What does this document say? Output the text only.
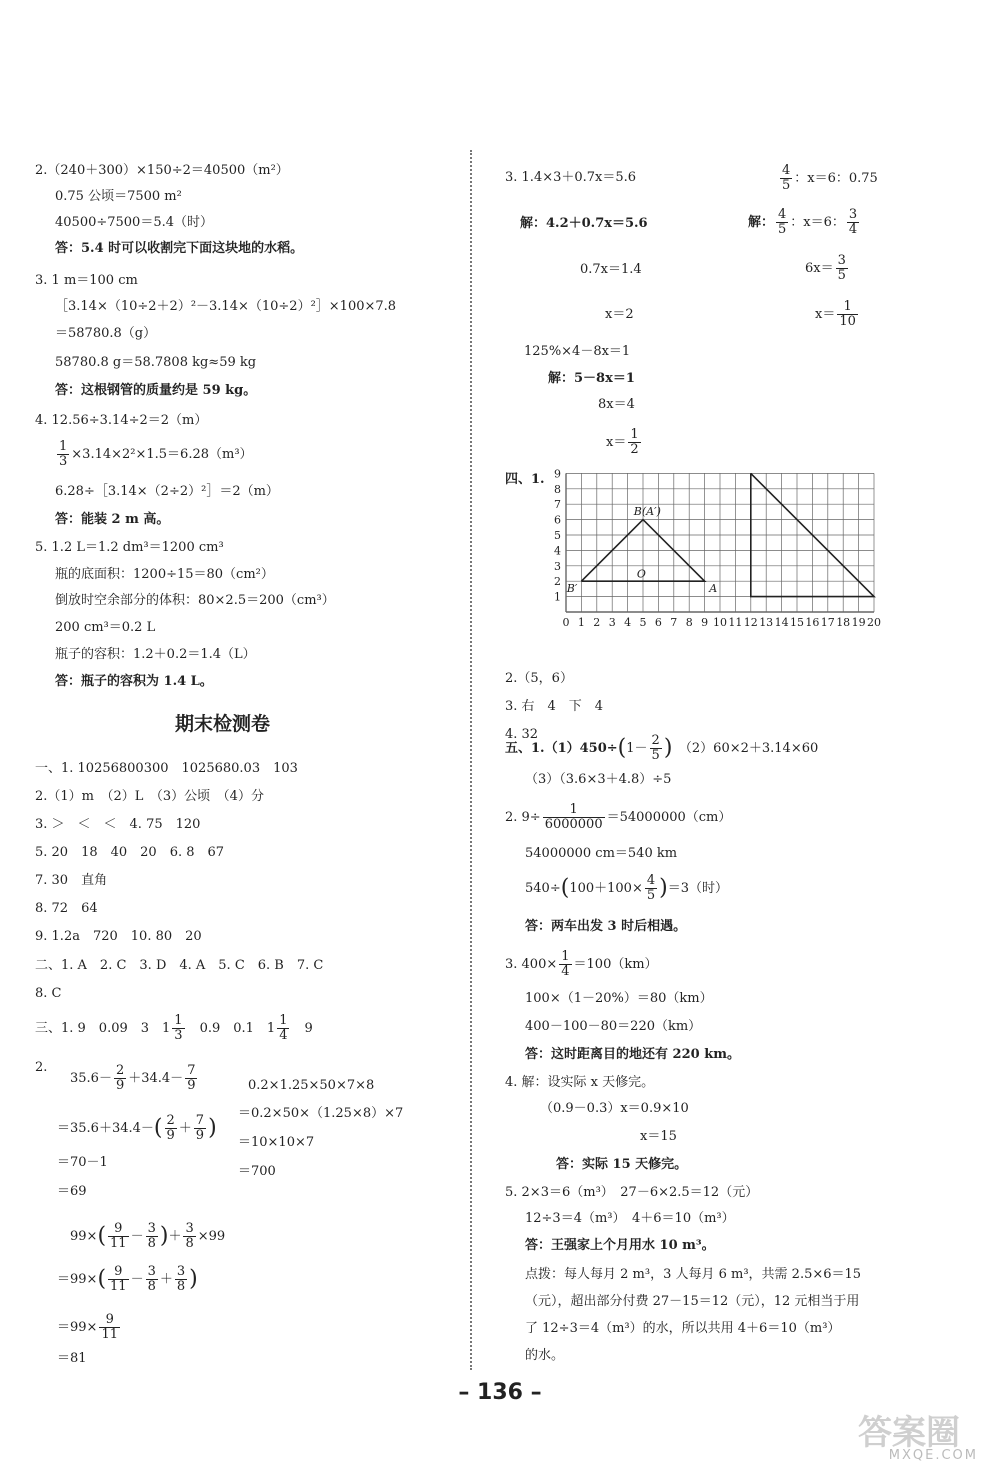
2.（240＋300）×150÷2＝40500（m²）
0.75 公顷＝7500 m²
40500÷7500＝5.4（时）
答：5.4 时可以收割完下面这块地的水稻。
3. 1 m＝100 cm
［3.14×（10÷2＋2）²－3.14×（10÷2）²］×100×7.8
＝58780.8（g）
58780.8 g＝58.7808 kg≈59 kg
答：这根钢管的质量约是 59 kg。
4. 12.56÷3.14÷2＝2（m）
$\frac{1}{3} \times 3.14\times 2^2\times 1.5=6.28(m^3)$
6.28÷［3.14×（2÷2）²］＝2（m）
答：能装 2 m 高。
5. 1.2 L＝1.2 dm³＝1200 cm³
瓶的底面积：1200÷15＝80（cm²）
倒放时空余部分的体积：80×2.5＝200（cm³）
200 cm³＝0.2 L
瓶子的容积：1.2＋0.2＝1.4（L）
答：瓶子的容积为 1.4 L。
期末检测卷
一、1. 10256800300　1025680.03　103
2.（1）m　（2）L　（3）公顷　（4）分
3. ＞　＜　＜　4. 75　120
5. 20　18　40　20　6. 8　67
7. 30　直角
8. 72　64
9. 1.2a　720　10. 80　20
二、1. A　2. C　3. D　4. A　5. C　6. B　7. C
8. C
三、1. 9　0.09　3　$1 \frac{1}{3}$ 　0.9　0.1　$1 \frac{1}{4}$ 　9
2.
$35.6- \frac{2}{9} +34.4- \frac{7}{9}$	0.2×1.25×50×7×8
$=35.6+34.4-( \frac{2}{9} + \frac{7}{9}$ )
＝0.2×50×（1.25×8）×7
＝10×10×7
＝70－1
＝700
＝69
$99\times( \frac{9}{11} - \frac{3}{8}$ )＋ $\frac{3}{8} \times 99$
$=99\times( \frac{9}{11} - \frac{3}{8} + \frac{3}{8}$ )
$=99\times \frac{9}{11}$
＝81
3. 1.4×3＋0.7x＝5.6	$\frac{4}{5}$ ：x＝6：0.75
解：4.2＋0.7x＝5.6	解： $\frac{4}{5}$ ：x＝6： $\frac{3}{4}$
0.7x＝1.4	$6x= \frac{3}{5}$
x＝2	$x= \frac{1}{10}$
125%×4－8x＝1
解：5－8x＝1
8x＝4
$x= \frac{1}{2}$
四、1.
0 1 2 3 4 5 6 7 8 9 10 11 12 13 14 15 16 17 18 19 20
1
2
3
4
5
6
7
8
9
B(A′)
B′
O
A
2.（5，6）
3. 右　4　下　4
4. 32
五、$1.(1)450\div(1- \frac{2}{5}$ )　（2）60×2＋3.14×60
（3）（3.6×3＋4.8）÷5
2. $9\div \frac{1}{6000000} =54000000(cm)$
54000000 cm＝540 km
$540\div(100+100\times \frac{4}{5} )=3$（时）
答：两车出发 3 时后相遇。
3. $400\times \frac{1}{4} =100(km)$
100×（1－20%）＝80（km）
400－100－80＝220（km）
答：这时距离目的地还有 220 km。
4. 解：设实际 x 天修完。
（0.9－0.3）x＝0.9×10
x＝15
答：实际 15 天修完。
5. 2×3＝6（m³）　27－6×2.5＝12（元）
12÷3＝4（m³）　4＋6＝10（m³）
答：王强家上个月用水 10 m³。
点拨：每人每月 2 m³，3 人每月 6 m³，共需 2.5×6＝15
（元），超出部分付费 27－15＝12（元），12 元相当于用
了 12÷3＝4（m³）的水，所以共用 4＋6＝10（m³）
的水。
– 136 –
答案圈
MXQE.COM
